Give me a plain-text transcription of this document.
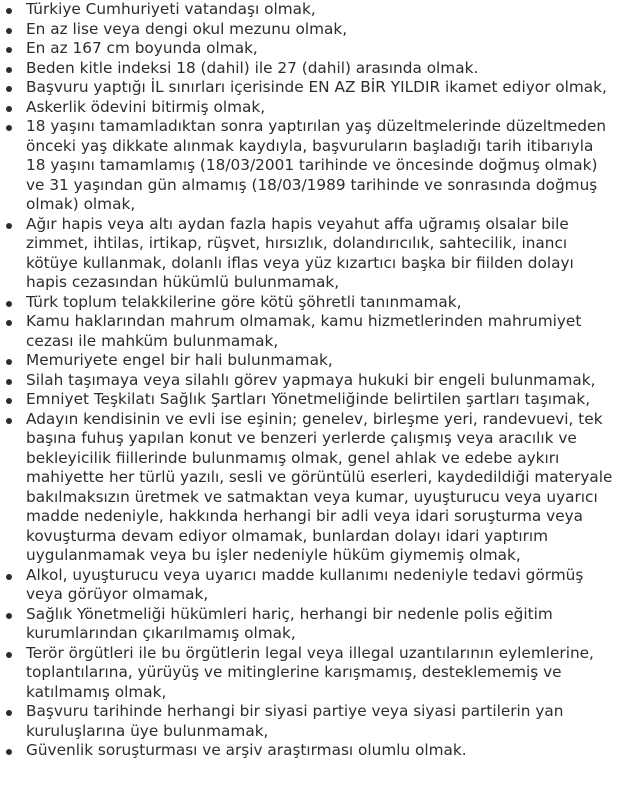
Türkiye Cumhuriyeti vatandaşı olmak,
En az lise veya dengi okul mezunu olmak,
En az 167 cm boyunda olmak,
Beden kitle indeksi 18 (dahil) ile 27 (dahil) arasında olmak.
Başvuru yaptığı İL sınırları içerisinde EN AZ BİR YILDIR ikamet ediyor olmak,
Askerlik ödevini bitirmiş olmak,
18 yaşını tamamladıktan sonra yaptırılan yaş düzeltmelerinde düzeltmeden önceki yaş dikkate alınmak kaydıyla, başvuruların başladığı tarih itibarıyla 18 yaşını tamamlamış (18/03/2001 tarihinde ve öncesinde doğmuş olmak) ve 31 yaşından gün almamış (18/03/1989 tarihinde ve sonrasında doğmuş olmak) olmak,
Ağır hapis veya altı aydan fazla hapis veyahut affa uğramış olsalar bile zimmet, ihtilas, irtikap, rüşvet, hırsızlık, dolandırıcılık, sahtecilik, inancı kötüye kullanmak, dolanlı iflas veya yüz kızartıcı başka bir fiilden dolayı hapis cezasından hükümlü bulunmamak,
Türk toplum telakkilerine göre kötü şöhretli tanınmamak,
Kamu haklarından mahrum olmamak, kamu hizmetlerinden mahrumiyet cezası ile mahküm bulunmamak,
Memuriyete engel bir hali bulunmamak,
Silah taşımaya veya silahlı görev yapmaya hukuki bir engeli bulunmamak,
Emniyet Teşkilatı Sağlık Şartları Yönetmeliğinde belirtilen şartları taşımak,
Adayın kendisinin ve evli ise eşinin; genelev, birleşme yeri, randevuevi, tek başına fuhuş yapılan konut ve benzeri yerlerde çalışmış veya aracılık ve bekleyicilik fiillerinde bulunmamış olmak, genel ahlak ve edebe aykırı mahiyette her türlü yazılı, sesli ve görüntülü eserleri, kaydedildiği materyale bakılmaksızın üretmek ve satmaktan veya kumar, uyuşturucu veya uyarıcı madde nedeniyle, hakkında herhangi bir adli veya idari soruşturma veya kovuşturma devam ediyor olmamak, bunlardan dolayı idari yaptırım uygulanmamak veya bu işler nedeniyle hüküm giymemiş olmak,
Alkol, uyuşturucu veya uyarıcı madde kullanımı nedeniyle tedavi görmüş veya görüyor olmamak,
Sağlık Yönetmeliği hükümleri hariç, herhangi bir nedenle polis eğitim kurumlarından çıkarılmamış olmak,
Terör örgütleri ile bu örgütlerin legal veya illegal uzantılarının eylemlerine, toplantılarına, yürüyüş ve mitinglerine karışmamış, desteklememiş ve katılmamış olmak,
Başvuru tarihinde herhangi bir siyasi partiye veya siyasi partilerin yan kuruluşlarına üye bulunmamak,
Güvenlik soruşturması ve arşiv araştırması olumlu olmak.
